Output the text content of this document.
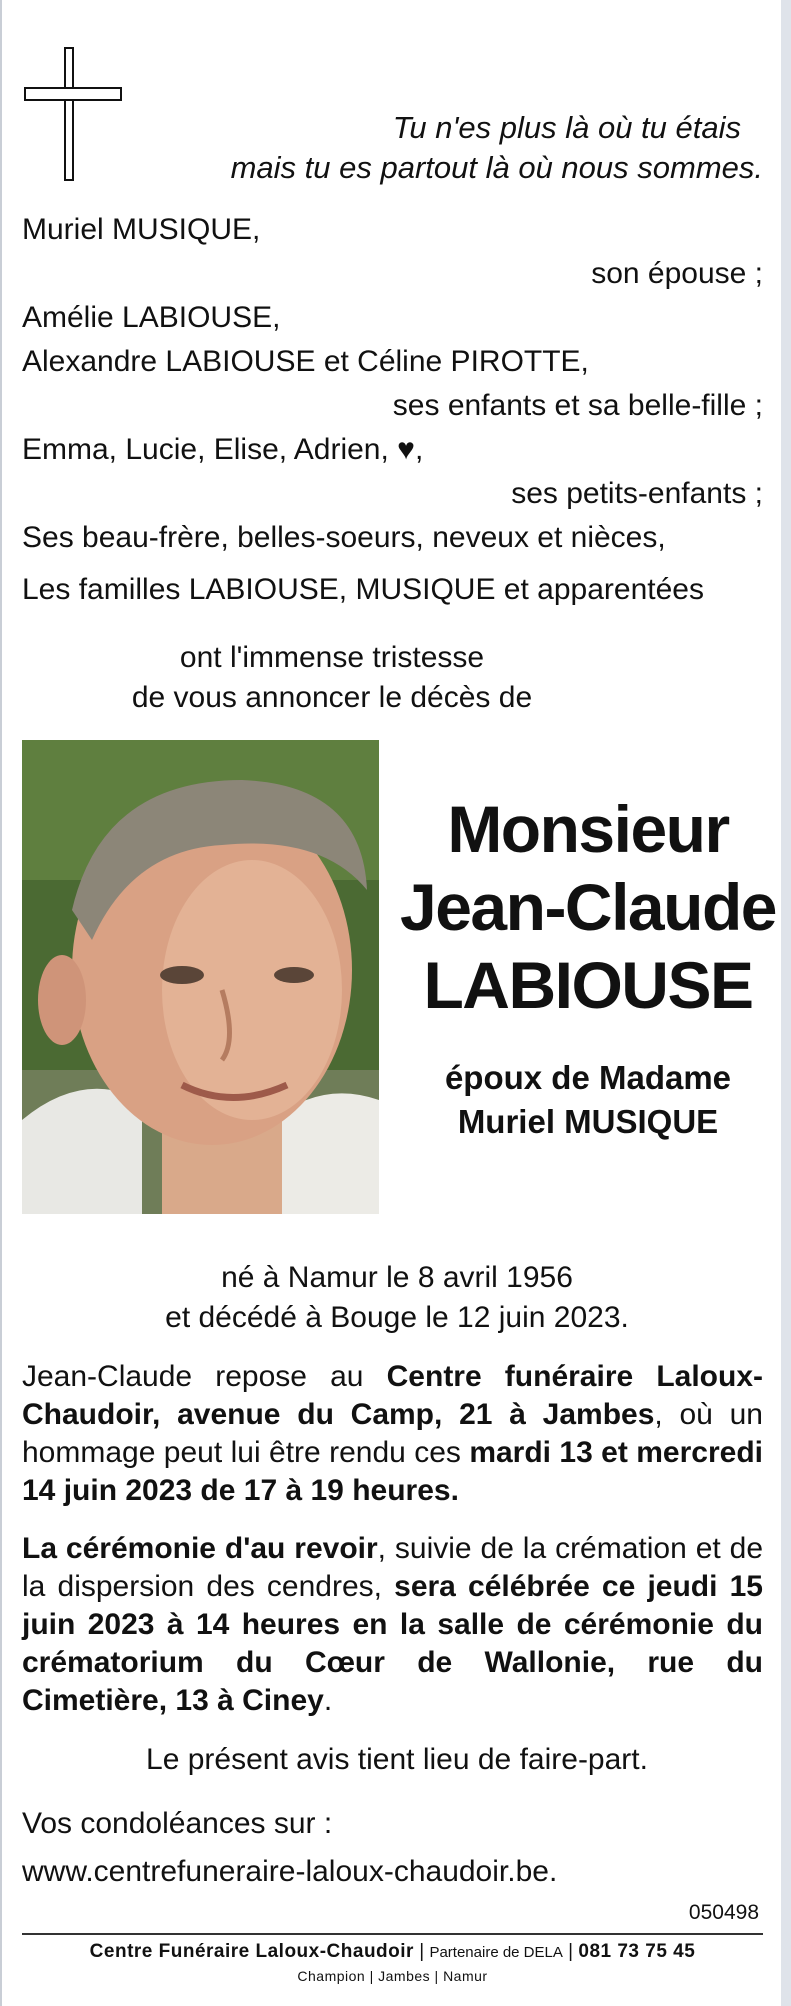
Tu n'es plus là où tu étais
mais tu es partout là où nous sommes.
Muriel MUSIQUE,
son épouse ;
Amélie LABIOUSE,
Alexandre LABIOUSE et Céline PIROTTE,
ses enfants et sa belle-fille ;
Emma, Lucie, Elise, Adrien, ♥,
ses petits-enfants ;
Ses beau-frère, belles-soeurs, neveux et nièces,
Les familles LABIOUSE, MUSIQUE et apparentées
ont l'immense tristesse
de vous annoncer le décès de
Monsieur
Jean-Claude
LABIOUSE
époux de Madame
Muriel MUSIQUE
né à Namur le 8 avril 1956
et décédé à Bouge le 12 juin 2023.
Jean-Claude repose au Centre funéraire Laloux-Chaudoir, avenue du Camp, 21 à Jambes, où un hommage peut lui être rendu ces mardi 13 et mercredi 14 juin 2023 de 17 à 19 heures.
La cérémonie d'au revoir, suivie de la crémation et de la dispersion des cendres, sera célébrée ce jeudi 15 juin 2023 à 14 heures en la salle de cérémonie du crématorium du Cœur de Wallonie, rue du Cimetière, 13 à Ciney.
Le présent avis tient lieu de faire-part.
Vos condoléances sur :
www.centrefuneraire-laloux-chaudoir.be.
050498
Centre Funéraire Laloux-Chaudoir | Partenaire de DELA | 081 73 75 45
Champion | Jambes | Namur
